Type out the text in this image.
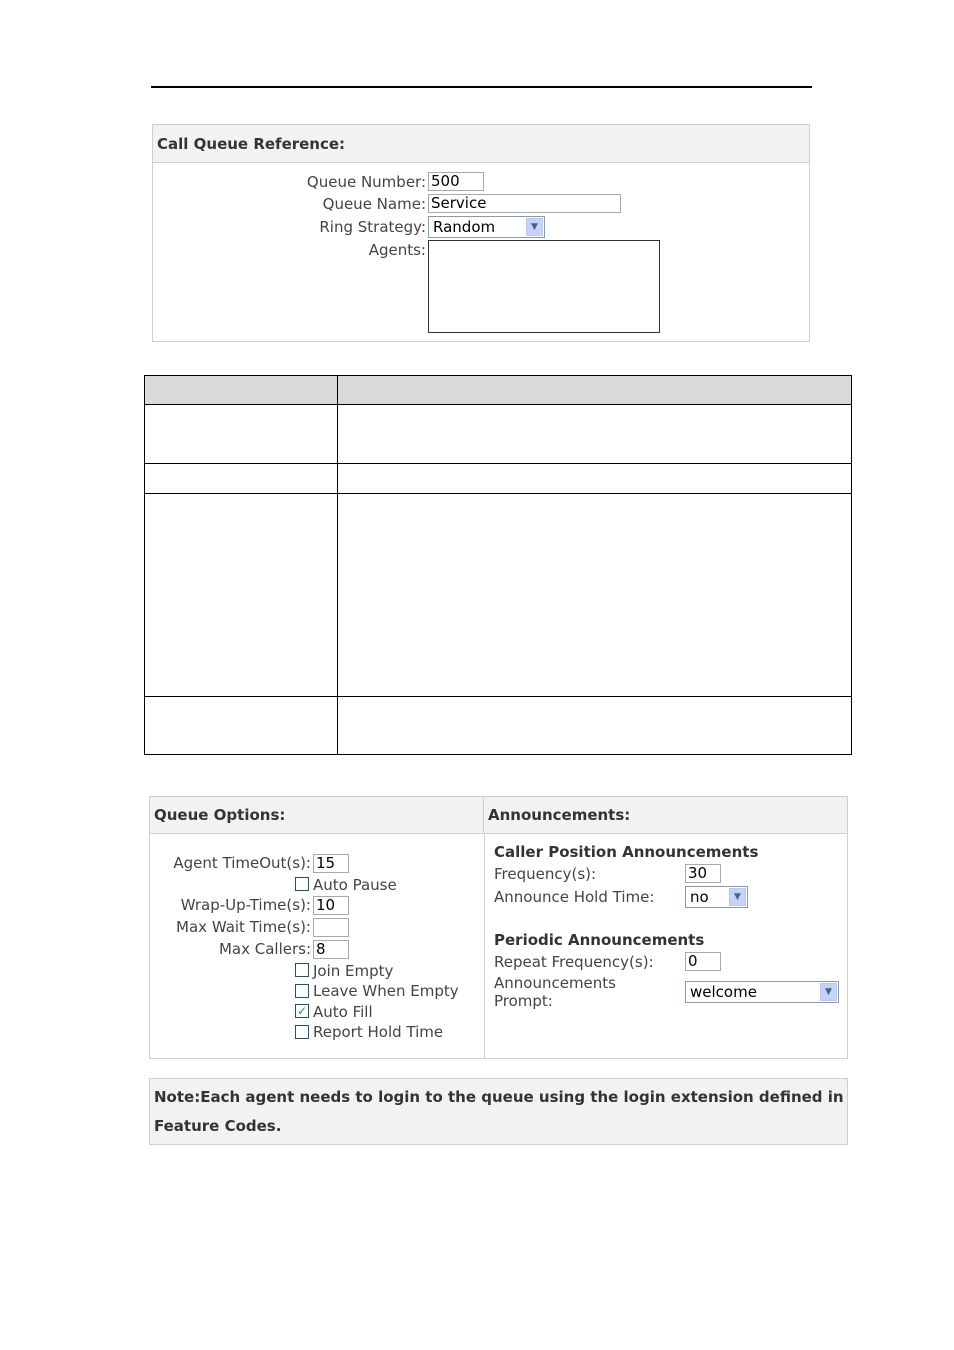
Call Queue Reference:
Queue Number: 500
Queue Name: Service
Ring Strategy: Random	▼
Agents:
Queue Options:	Announcements:
Agent TimeOut(s): 15
Auto Pause
Wrap-Up-Time(s): 10
Max Wait Time(s):
Max Callers: 8
Join Empty
Leave When Empty
✓ Auto Fill
Report Hold Time
Caller Position Announcements
Frequency(s):	30
Announce Hold Time:	no	▼
Periodic Announcements
Repeat Frequency(s): 0
Announcements
Prompt:	welcome	▼
Note:Each agent needs to login to the queue using the login extension defined in
Feature Codes.
